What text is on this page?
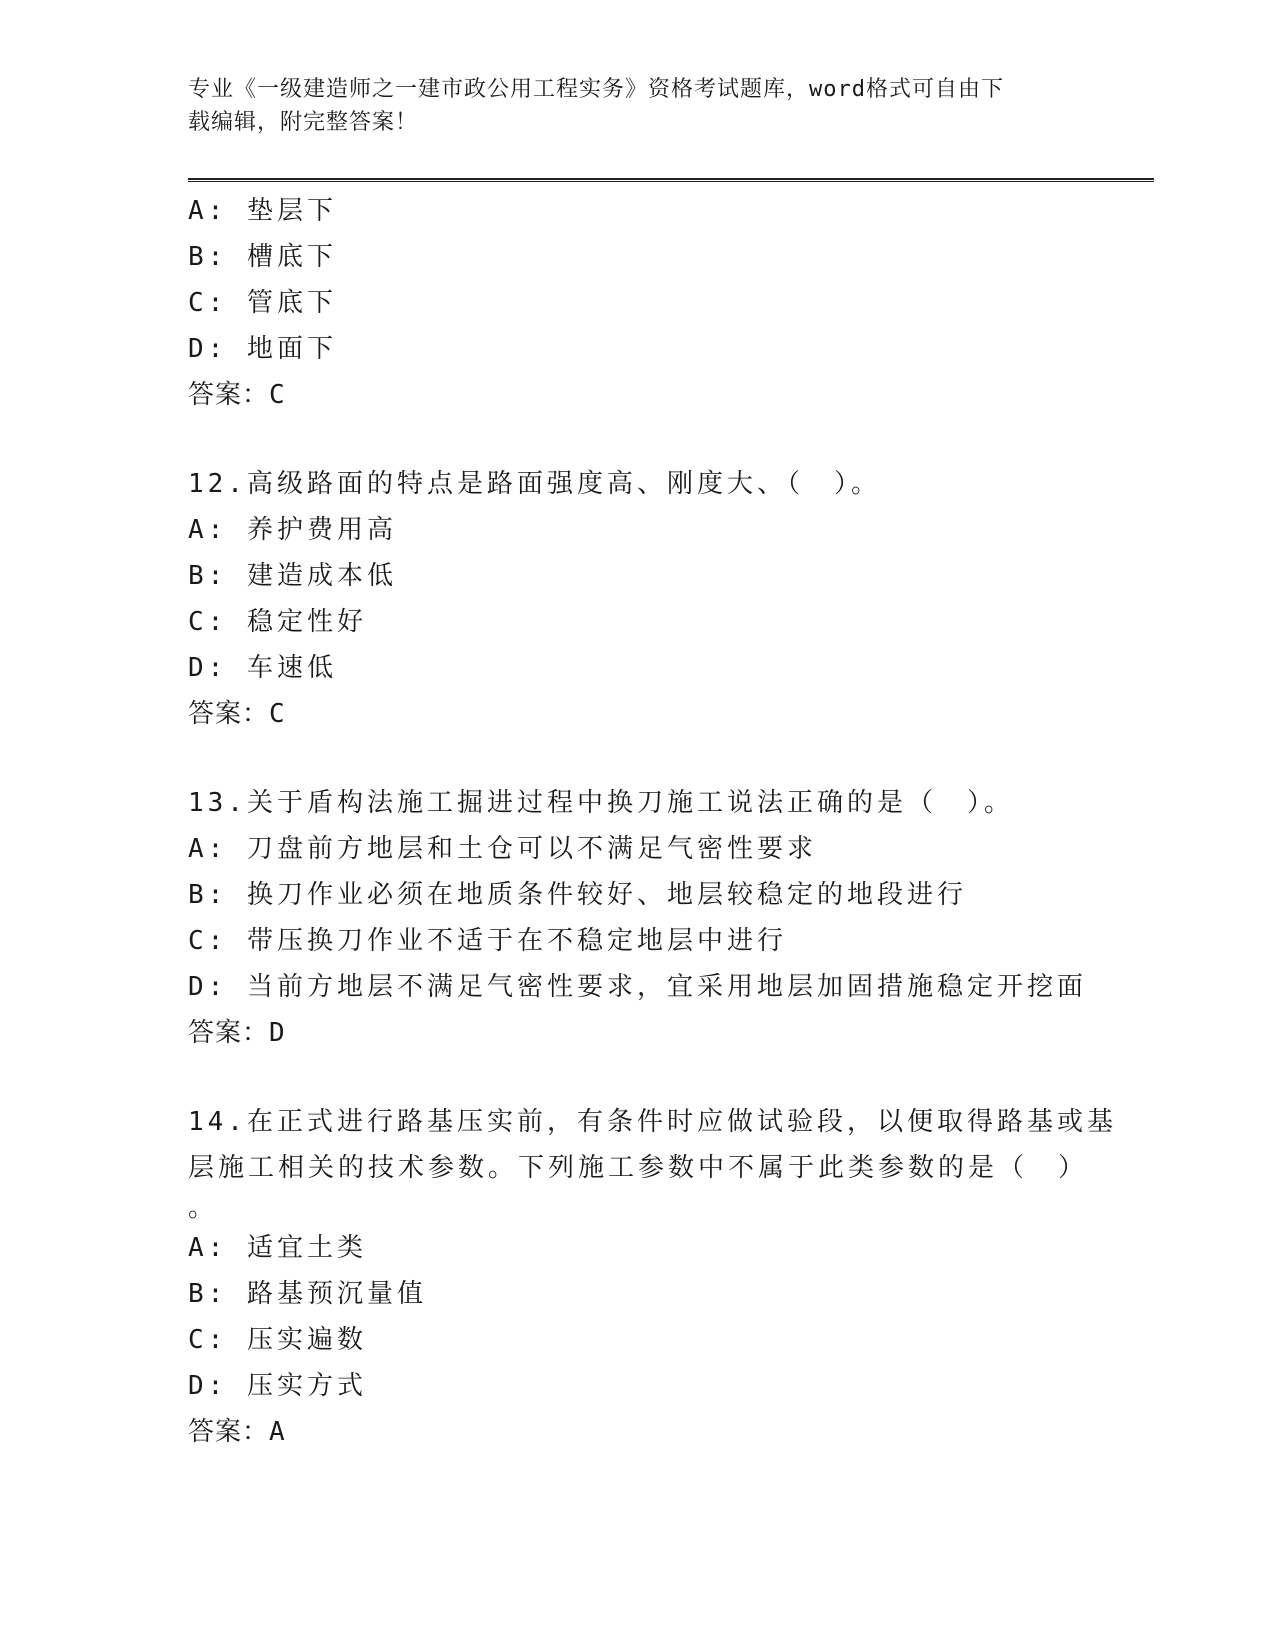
专业《一级建造师之一建市政公用工程实务》资格考试题库，word格式可自由下
载编辑，附完整答案！
A: 垫层下
B: 槽底下
C: 管底下
D: 地面下
答案：C
12.高级路面的特点是路面强度高、刚度大、（　）。
A: 养护费用高
B: 建造成本低
C: 稳定性好
D: 车速低
答案：C
13.关于盾构法施工掘进过程中换刀施工说法正确的是（　）。
A: 刀盘前方地层和土仓可以不满足气密性要求
B: 换刀作业必须在地质条件较好、地层较稳定的地段进行
C: 带压换刀作业不适于在不稳定地层中进行
D: 当前方地层不满足气密性要求，宜采用地层加固措施稳定开挖面
答案：D
14.在正式进行路基压实前，有条件时应做试验段，以便取得路基或基
层施工相关的技术参数。下列施工参数中不属于此类参数的是（　）
。
A: 适宜土类
B: 路基预沉量值
C: 压实遍数
D: 压实方式
答案：A
